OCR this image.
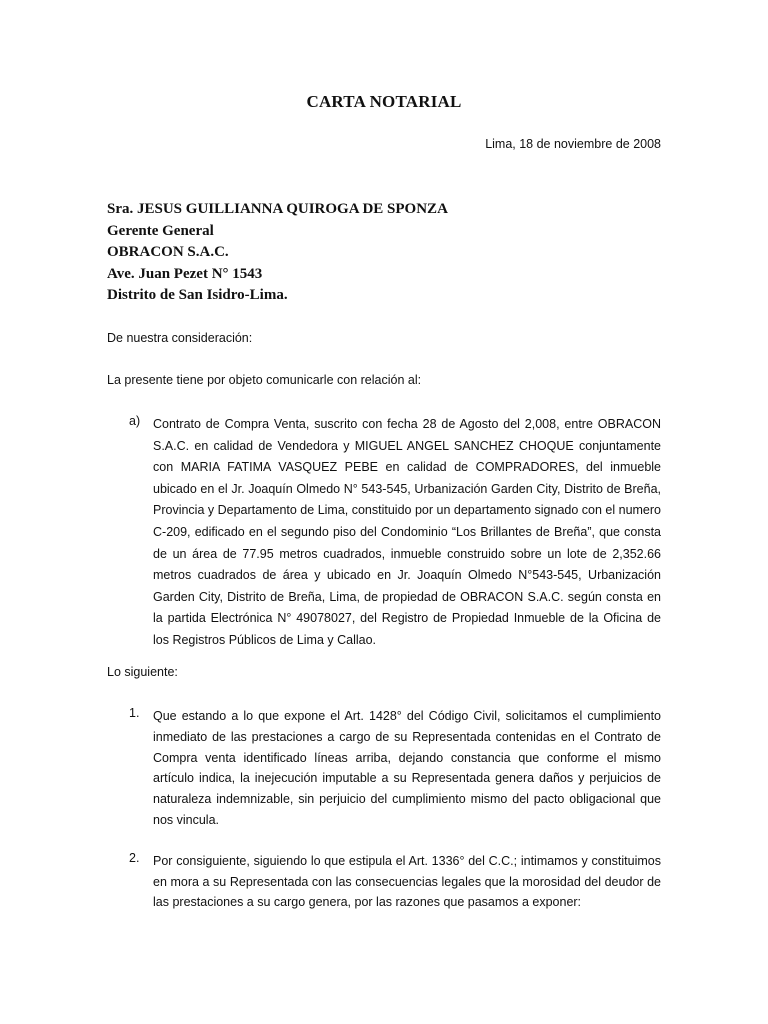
CARTA NOTARIAL
Lima, 18 de noviembre de 2008
Sra. JESUS GUILLIANNA QUIROGA DE SPONZA
Gerente General
OBRACON S.A.C.
Ave. Juan Pezet N° 1543
Distrito de San Isidro-Lima.
De nuestra consideración:
La presente tiene por objeto comunicarle con relación al:
a) Contrato de Compra Venta, suscrito con fecha 28 de Agosto del 2,008, entre OBRACON S.A.C. en calidad de Vendedora y MIGUEL ANGEL SANCHEZ CHOQUE conjuntamente con MARIA FATIMA VASQUEZ PEBE en calidad de COMPRADORES, del inmueble ubicado en el Jr. Joaquín Olmedo N° 543-545, Urbanización Garden City, Distrito de Breña, Provincia y Departamento de Lima, constituido por un departamento signado con el numero C-209, edificado en el segundo piso del Condominio “Los Brillantes de Breña”, que consta de un área de 77.95 metros cuadrados, inmueble construido sobre un lote de 2,352.66 metros cuadrados de área y ubicado en Jr. Joaquín Olmedo N°543-545, Urbanización Garden City, Distrito de Breña, Lima, de propiedad de OBRACON S.A.C. según consta en la partida Electrónica N° 49078027, del Registro de Propiedad Inmueble de la Oficina de los Registros Públicos de Lima y Callao.
Lo siguiente:
1. Que estando a lo que expone el Art. 1428° del Código Civil, solicitamos el cumplimiento inmediato de las prestaciones a cargo de su Representada contenidas en el Contrato de Compra venta identificado líneas arriba, dejando constancia que conforme el mismo artículo indica, la inejecución imputable a su Representada genera daños y perjuicios de naturaleza indemnizable, sin perjuicio del cumplimiento mismo del pacto obligacional que nos vincula.
2. Por consiguiente, siguiendo lo que estipula el Art. 1336° del C.C.; intimamos y constituimos en mora a su Representada con las consecuencias legales que la morosidad del deudor de las prestaciones a su cargo genera, por las razones que pasamos a exponer:
